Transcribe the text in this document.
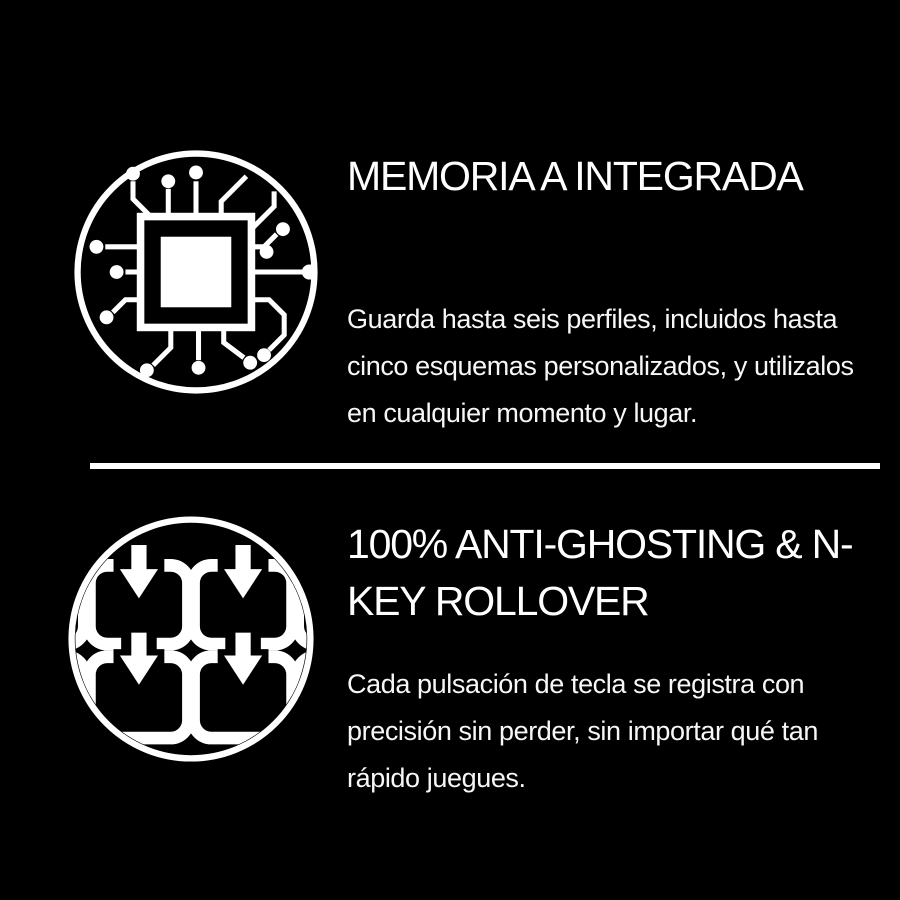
MEMORIA A INTEGRADA

Guarda hasta seis perfiles, incluidos hasta
cinco esquemas personalizados, y utilizalos
en cualquier momento y lugar.

100% ANTI-GHOSTING & N-
KEY ROLLOVER

Cada pulsación de tecla se registra con
precisión sin perder, sin importar qué tan
rápido juegues.
